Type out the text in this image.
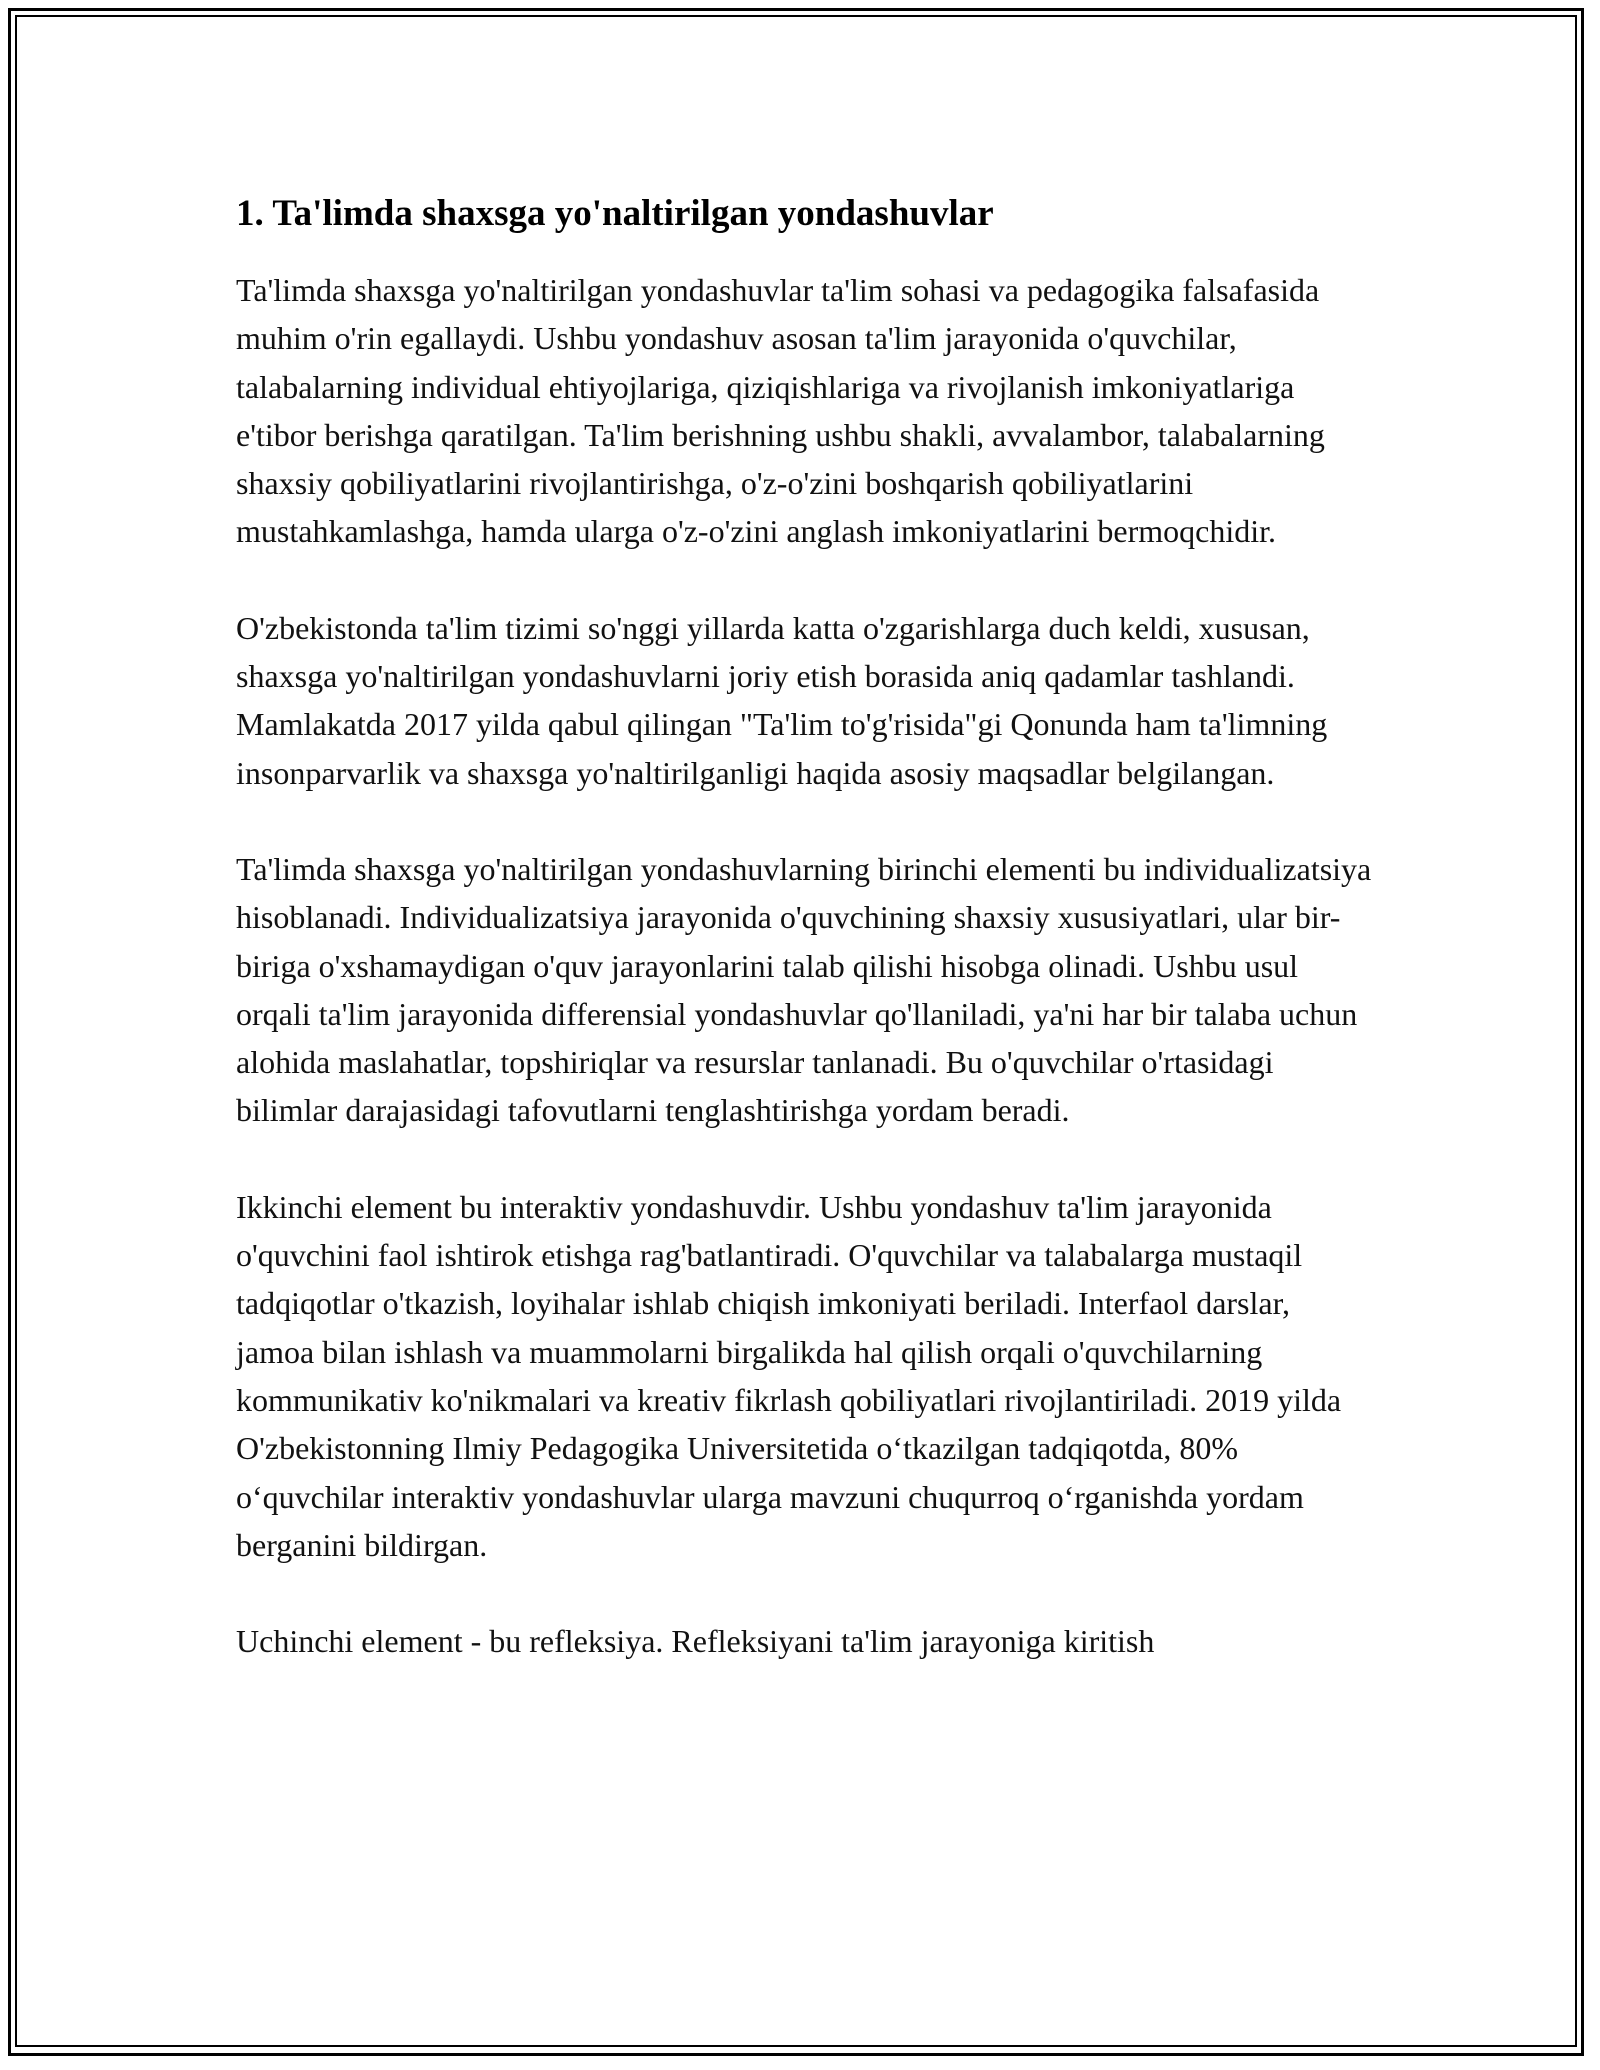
1. Ta'limda shaxsga yo'naltirilgan yondashuvlar

Ta'limda shaxsga yo'naltirilgan yondashuvlar ta'lim sohasi va pedagogika falsafasida muhim o'rin egallaydi. Ushbu yondashuv asosan ta'lim jarayonida o'quvchilar, talabalarning individual ehtiyojlariga, qiziqishlariga va rivojlanish imkoniyatlariga e'tibor berishga qaratilgan. Ta'lim berishning ushbu shakli, avvalambor, talabalarning shaxsiy qobiliyatlarini rivojlantirishga, o'z-o'zini boshqarish qobiliyatlarini mustahkamlashga, hamda ularga o'z-o'zini anglash imkoniyatlarini bermoqchidir.

O'zbekistonda ta'lim tizimi so'nggi yillarda katta o'zgarishlarga duch keldi, xususan, shaxsga yo'naltirilgan yondashuvlarni joriy etish borasida aniq qadamlar tashlandi. Mamlakatda 2017 yilda qabul qilingan "Ta'lim to'g'risida"gi Qonunda ham ta'limning insonparvarlik va shaxsga yo'naltirilganligi haqida asosiy maqsadlar belgilangan.

Ta'limda shaxsga yo'naltirilgan yondashuvlarning birinchi elementi bu individualizatsiya hisoblanadi. Individualizatsiya jarayonida o'quvchining shaxsiy xususiyatlari, ular bir-biriga o'xshamaydigan o'quv jarayonlarini talab qilishi hisobga olinadi. Ushbu usul orqali ta'lim jarayonida differensial yondashuvlar qo'llaniladi, ya'ni har bir talaba uchun alohida maslahatlar, topshiriqlar va resurslar tanlanadi. Bu o'quvchilar o'rtasidagi bilimlar darajasidagi tafovutlarni tenglashtirishga yordam beradi.

Ikkinchi element bu interaktiv yondashuvdir. Ushbu yondashuv ta'lim jarayonida o'quvchini faol ishtirok etishga rag'batlantiradi. O'quvchilar va talabalarga mustaqil tadqiqotlar o'tkazish, loyihalar ishlab chiqish imkoniyati beriladi. Interfaol darslar, jamoa bilan ishlash va muammolarni birgalikda hal qilish orqali o'quvchilarning kommunikativ ko'nikmalari va kreativ fikrlash qobiliyatlari rivojlantiriladi. 2019 yilda O'zbekistonning Ilmiy Pedagogika Universitetida o‘tkazilgan tadqiqotda, 80% o‘quvchilar interaktiv yondashuvlar ularga mavzuni chuqurroq o‘rganishda yordam berganini bildirgan.

Uchinchi element - bu refleksiya. Refleksiyani ta'lim jarayoniga kiritish
